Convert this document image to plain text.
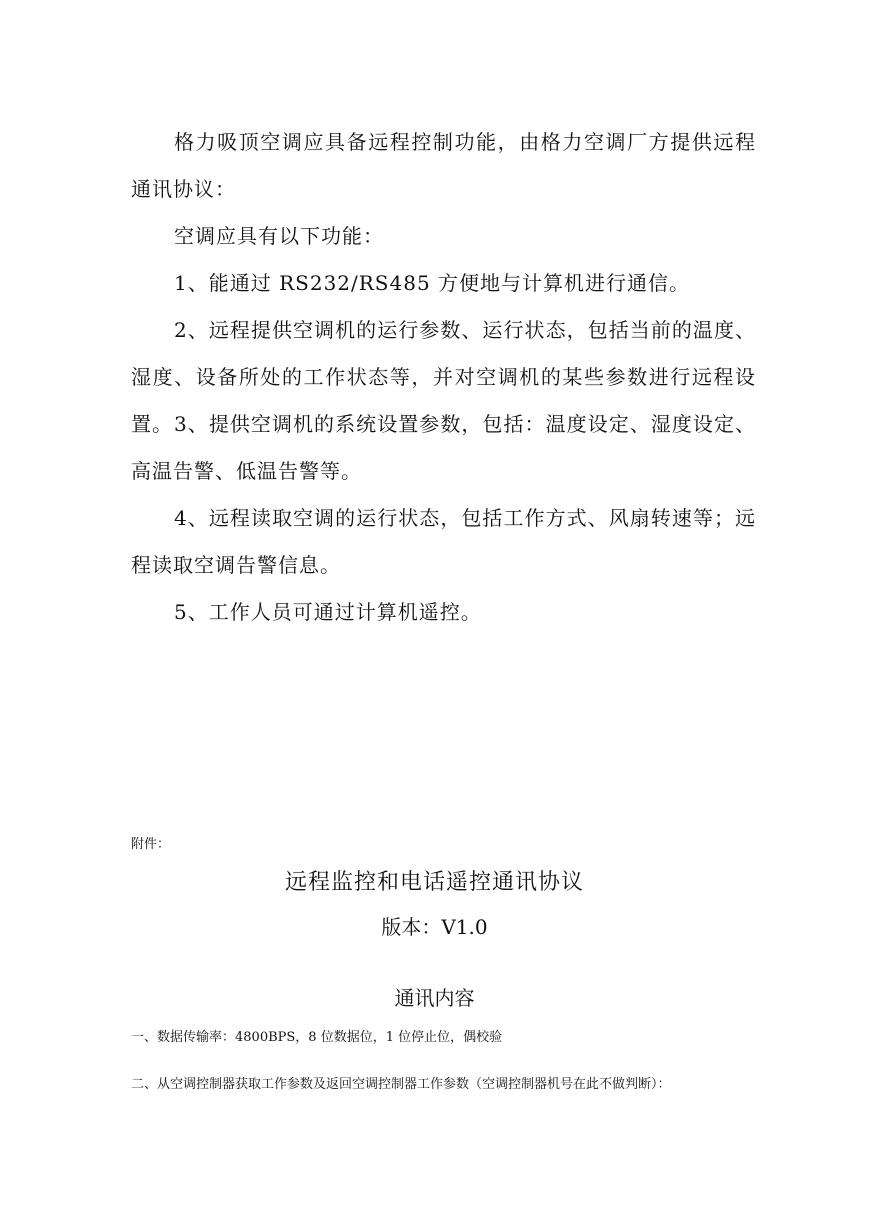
格力吸顶空调应具备远程控制功能，由格力空调厂方提供远程通讯协议：

空调应具有以下功能：

1、能通过 RS232/RS485 方便地与计算机进行通信。

2、远程提供空调机的运行参数、运行状态，包括当前的温度、湿度、设备所处的工作状态等，并对空调机的某些参数进行远程设置。 3、提供空调机的系统设置参数，包括：温度设定、湿度设定、高温告警、低温告警等。

4、远程读取空调的运行状态，包括工作方式、风扇转速等；远程读取空调告警信息。

5、工作人员可通过计算机遥控。

附件：

远程监控和电话遥控通讯协议

版本：V1.0

通讯内容

一、数据传输率：4800BPS，8 位数据位，1 位停止位，偶校验

二、从空调控制器获取工作参数及返回空调控制器工作参数（空调控制器机号在此不做判断）：
